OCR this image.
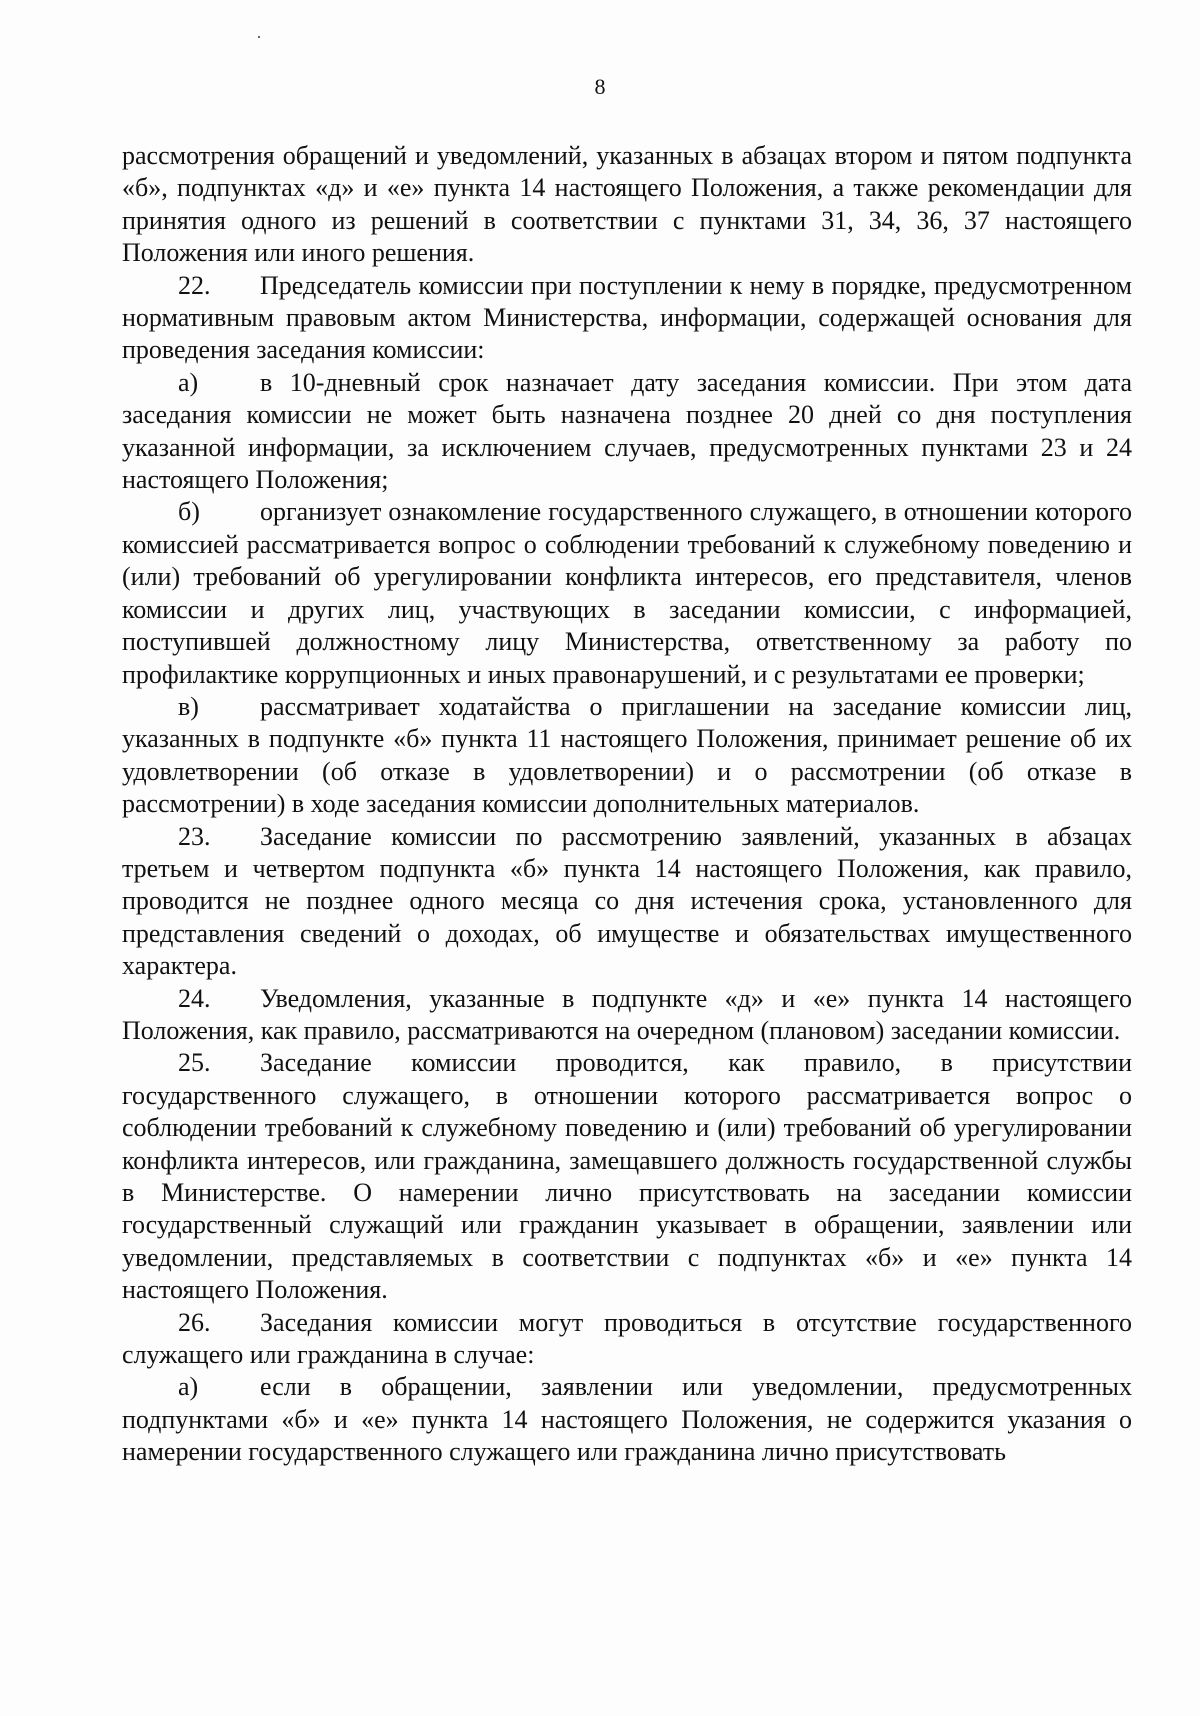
8

рассмотрения обращений и уведомлений, указанных в абзацах втором и пятом подпункта «б», подпунктах «д» и «е» пункта 14 настоящего Положения, а также рекомендации для принятия одного из решений в соответствии с пунктами 31, 34, 36, 37 настоящего Положения или иного решения.

22. Председатель комиссии при поступлении к нему в порядке, предусмотренном нормативным правовым актом Министерства, информации, содержащей основания для проведения заседания комиссии:

а) в 10-дневный срок назначает дату заседания комиссии. При этом дата заседания комиссии не может быть назначена позднее 20 дней со дня поступления указанной информации, за исключением случаев, предусмотренных пунктами 23 и 24 настоящего Положения;

б) организует ознакомление государственного служащего, в отношении которого комиссией рассматривается вопрос о соблюдении требований к служебному поведению и (или) требований об урегулировании конфликта интересов, его представителя, членов комиссии и других лиц, участвующих в заседании комиссии, с информацией, поступившей должностному лицу Министерства, ответственному за работу по профилактике коррупционных и иных правонарушений, и с результатами ее проверки;

в) рассматривает ходатайства о приглашении на заседание комиссии лиц, указанных в подпункте «б» пункта 11 настоящего Положения, принимает решение об их удовлетворении (об отказе в удовлетворении) и о рассмотрении (об отказе в рассмотрении) в ходе заседания комиссии дополнительных материалов.

23. Заседание комиссии по рассмотрению заявлений, указанных в абзацах третьем и четвертом подпункта «б» пункта 14 настоящего Положения, как правило, проводится не позднее одного месяца со дня истечения срока, установленного для представления сведений о доходах, об имуществе и обязательствах имущественного характера.

24. Уведомления, указанные в подпункте «д» и «е» пункта 14 настоящего Положения, как правило, рассматриваются на очередном (плановом) заседании комиссии.

25. Заседание комиссии проводится, как правило, в присутствии государственного служащего, в отношении которого рассматривается вопрос о соблюдении требований к служебному поведению и (или) требований об урегулировании конфликта интересов, или гражданина, замещавшего должность государственной службы в Министерстве. О намерении лично присутствовать на заседании комиссии государственный служащий или гражданин указывает в обращении, заявлении или уведомлении, представляемых в соответствии с подпунктах «б» и «е» пункта 14 настоящего Положения.

26. Заседания комиссии могут проводиться в отсутствие государственного служащего или гражданина в случае:

а) если в обращении, заявлении или уведомлении, предусмотренных подпунктами «б» и «е» пункта 14 настоящего Положения, не содержится указания о намерении государственного служащего или гражданина лично присутствовать
